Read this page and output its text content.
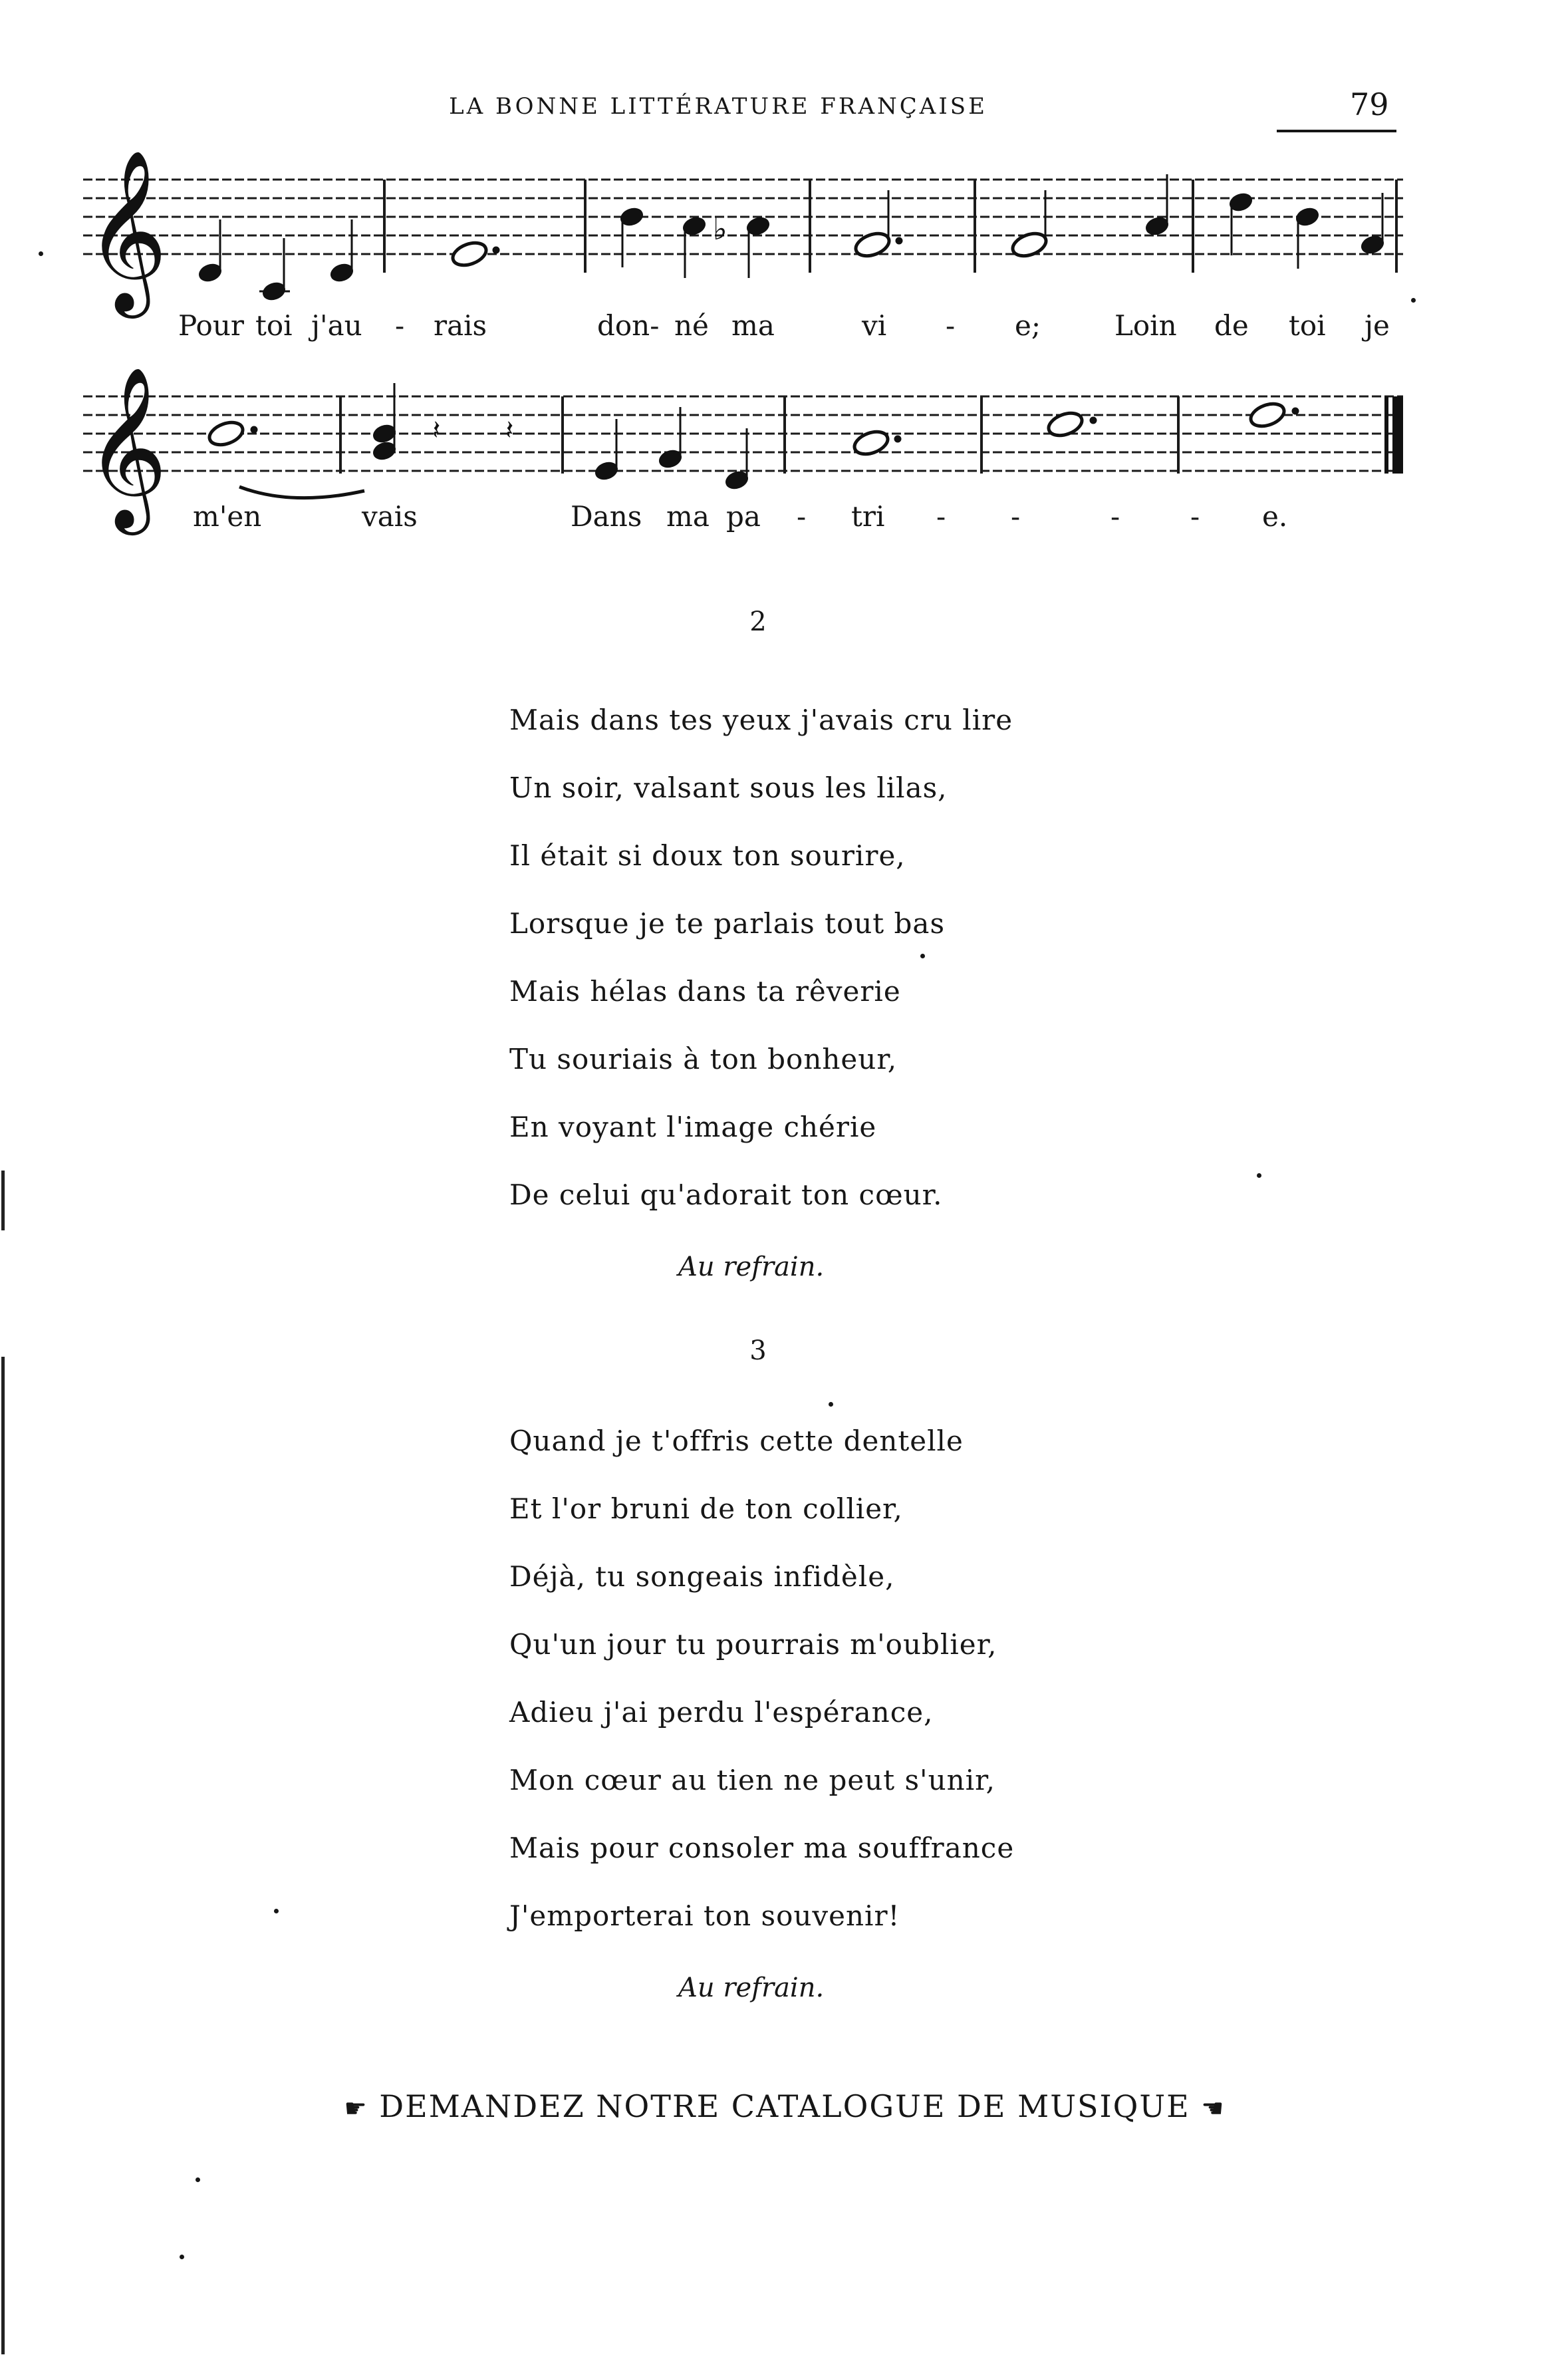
LA BONNE LITTÉRATURE FRANÇAISE	79
𝄞	♭
𝄞	𝄽 𝄽
Pour toi j'au - rais	don- né ma	vi - e;	Loin de toi je
m'en	vais	Dans ma pa - tri - -	-	- e.
2
Mais dans tes yeux j'avais cru lire
Un soir, valsant sous les lilas,
Il était si doux ton sourire,
Lorsque je te parlais tout bas
Mais hélas dans ta rêverie
Tu souriais à ton bonheur,
En voyant l'image chérie
De celui qu'adorait ton cœur.
Au refrain.
3
Quand je t'offris cette dentelle
Et l'or bruni de ton collier,
Déjà, tu songeais infidèle,
Qu'un jour tu pourrais m'oublier,
Adieu j'ai perdu l'espérance,
Mon cœur au tien ne peut s'unir,
Mais pour consoler ma souffrance
J'emporterai ton souvenir!
Au refrain.
☛ DEMANDEZ NOTRE CATALOGUE DE MUSIQUE ☚
